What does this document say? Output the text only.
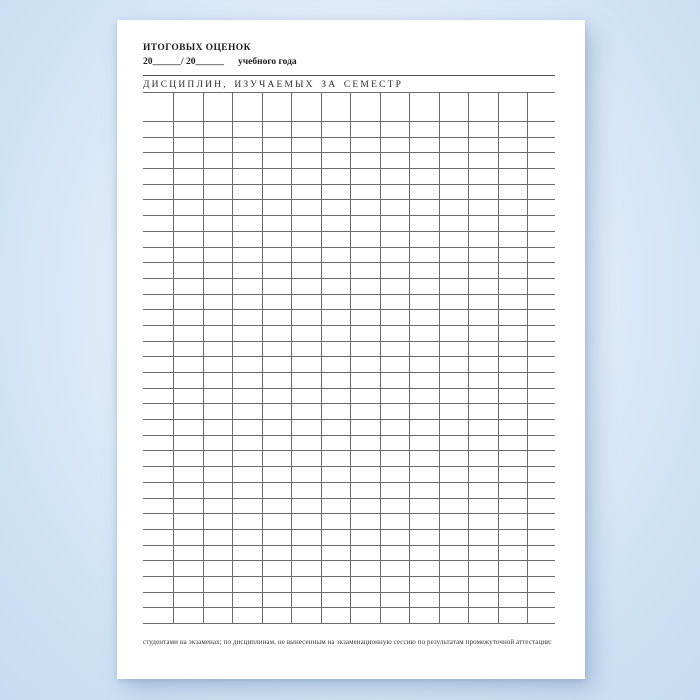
ИТОГОВЫХ ОЦЕНОК
20______/ 20______ учебного года
ДИСЦИПЛИН, ИЗУЧАЕМЫХ ЗА СЕМЕСТР
студентами на экзаменах; по дисциплинам, не вынесенным на экзаменационную сессию по результатам промежуточной аттестации:
